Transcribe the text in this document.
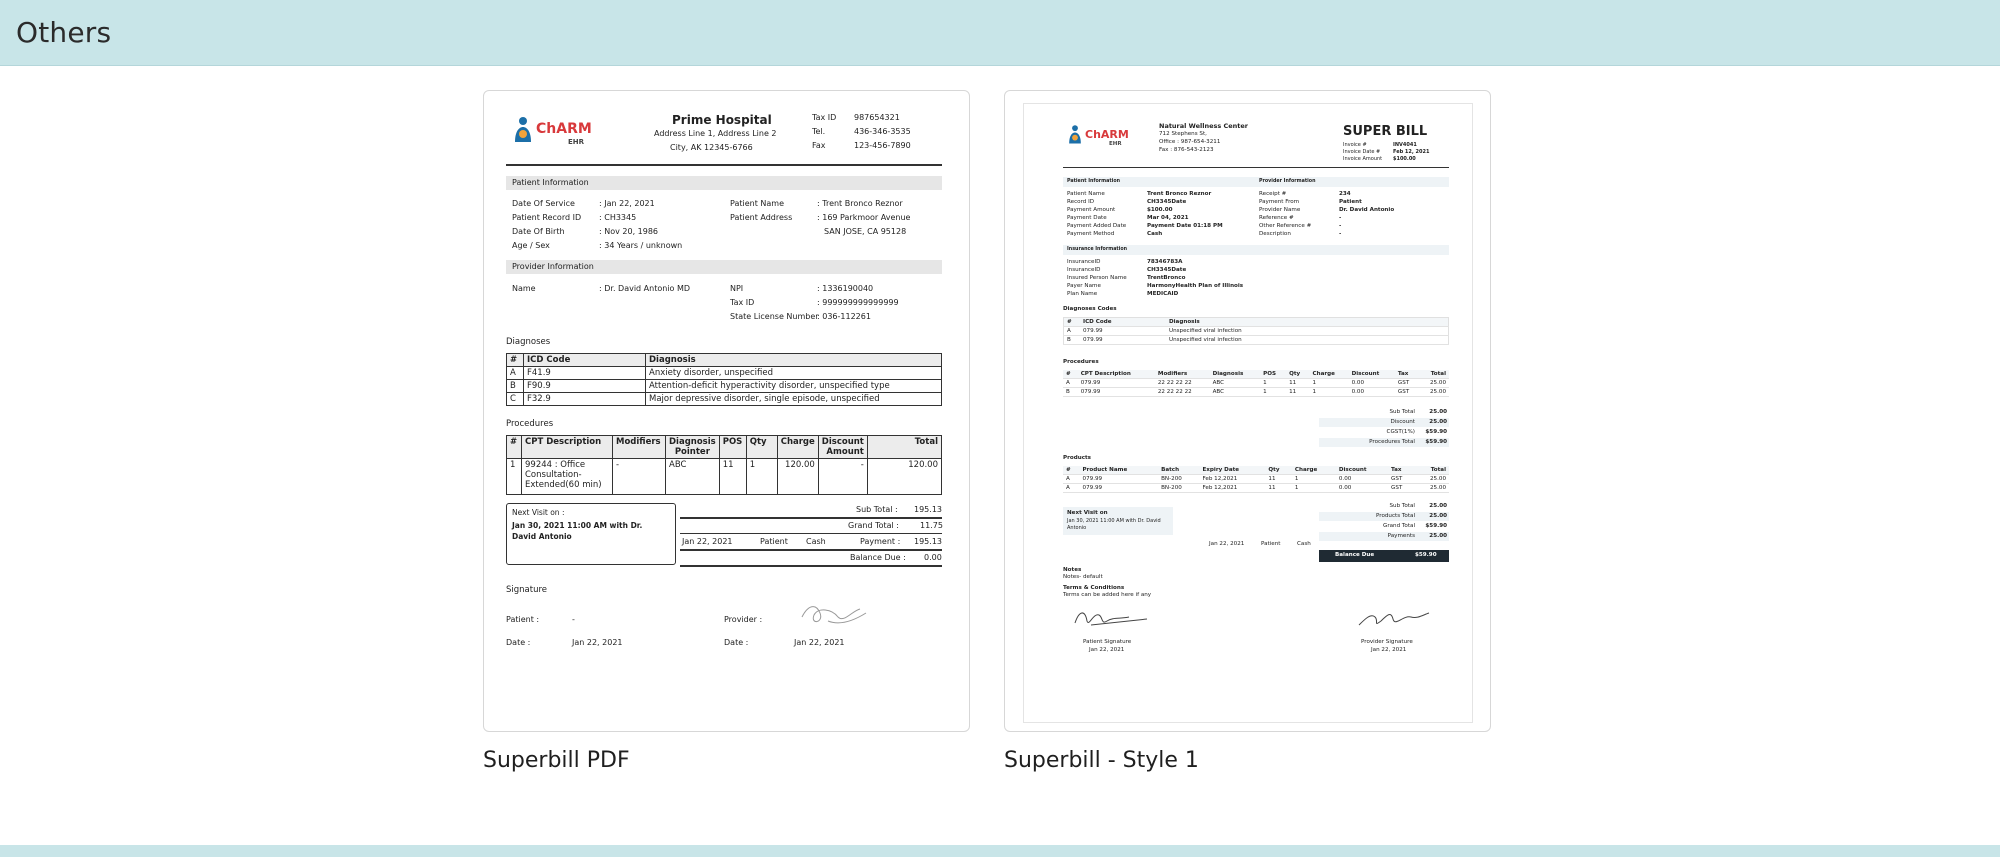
Others
ChARM
EHR
Prime Hospital
Address Line 1, Address Line 2
City, AK 12345-6766
Tax ID 987654321
Tel.	436-346-3535
Fax	123-456-7890
Patient Information
Date Of Service	: Jan 22, 2021
Patient Record ID : CH3345
Date Of Birth	: Nov 20, 1986
Age / Sex	: 34 Years / unknown
Patient Name	: Trent Bronco Reznor
Patient Address	: 169 Parkmoor Avenue
SAN JOSE, CA 95128
Provider Information
Name	: Dr. David Antonio MD	NPI	: 1336190040
Tax ID	: 999999999999999
State License Number
: 036-112261
Diagnoses
#	ICD Code	Diagnosis
A	F41.9	Anxiety disorder, unspecified
B	F90.9	Attention-deficit hyperactivity disorder, unspecified type
C	F32.9	Major depressive disorder, single episode, unspecified
Procedures
#	CPT Description	Modifiers	Diagnosis Pointer	POS	Qty	Charge	Discount Amount	Total
1	99244 : Office Consultation-Extended(60 min)	-	ABC	11	1	120.00	-	120.00
Next Visit on :
Jan 30, 2021 11:00 AM with Dr. David Antonio
Sub Total : 195.13
Grand Total :	11.75
Jan 22, 2021	Patient Cash	Payment : 195.13
Balance Due : 0.00
Signature
Patient :	-	Provider :
Date :	Jan 22, 2021	Date :	Jan 22, 2021
Superbill PDF
ChARM
EHR
Natural Wellness Center
712 Stephens St,
Office : 987-654-3211
Fax : 876-543-2123
SUPER BILL
Invoice #	INV4041
Invoice Date #	Feb 12, 2021
Invoice Amount $100.00
Patient Information	Provider Information
Patient Name	Trent Bronco Reznor
Record ID	CH3345Date
Payment Amount	$100.00
Payment Date	Mar 04, 2021
Payment Added Date	Payment Date 01:18 PM
Payment Method	Cash
Receipt #	234
Payment From	Patient
Provider Name	Dr. David Antonio
Reference #	-
Other Reference #	-
Description	-
Insurance Information
InsuranceID	78346783A
InsuranceID	CH3345Date
Insured Person Name	TrentBronco
Payer Name	HarmonyHealth Plan of Illinois
Plan Name	MEDICAID
Diagnoses Codes
#	ICD Code	Diagnosis
A	079.99	Unspecified viral infection
B	079.99	Unspecified viral infection
Procedures
#	CPT Description	Modifiers	Diagnosis	POS	Qty	Charge	Discount	Tax	Total
A	079.99	22 22 22 22	ABC	1	11	1	0.00	GST	25.00
B	079.99	22 22 22 22	ABC	1	11	1	0.00	GST	25.00
Sub Total	25.00
Discount	25.00
CGST(1%) $59.90
Procedures Total $59.90
Products
#	Product Name	Batch	Expiry Date	Qty	Charge	Discount	Tax	Total
A	079.99	BN-200	Feb 12,2021	11	1	0.00	GST	25.00
A	079.99	BN-200	Feb 12,2021	11	1	0.00	GST	25.00
Next Visit on
Jan 30, 2021 11:00 AM with Dr. David Antonio
Sub Total	25.00
Products Total	25.00
Grand Total $59.90
Payments	25.00
Jan 22, 2021	Patient	Cash
Balance Due	$59.90
Notes
Notes- default
Terms & Conditions
Terms can be added here if any
Patient Signature
Jan 22, 2021
Provider Signature
Jan 22, 2021
Superbill - Style 1
